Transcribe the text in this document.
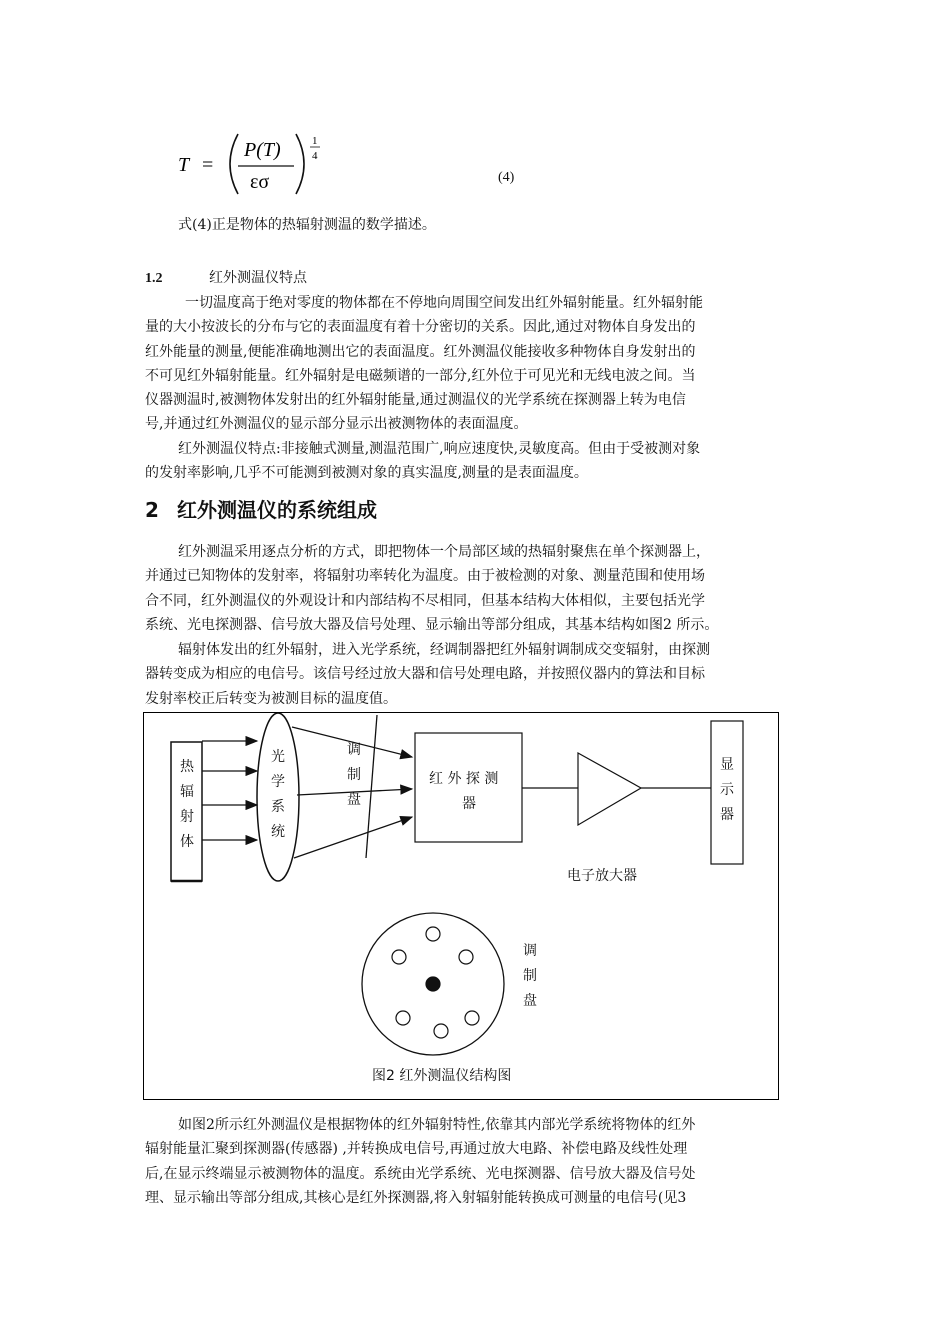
T =
P(T)
εσ
1
4
(4)

式(4)正是物体的热辐射测温的数学描述。

1.2	红外测温仪特点

一切温度高于绝对零度的物体都在不停地向周围空间发出红外辐射能量。红外辐射能
量的大小按波长的分布与它的表面温度有着十分密切的关系。因此,通过对物体自身发出的
红外能量的测量,便能准确地测出它的表面温度。红外测温仪能接收多种物体自身发射出的
不可见红外辐射能量。红外辐射是电磁频谱的一部分,红外位于可见光和无线电波之间。当
仪器测温时,被测物体发射出的红外辐射能量,通过测温仪的光学系统在探测器上转为电信
号,并通过红外测温仪的显示部分显示出被测物体的表面温度。

红外测温仪特点:非接触式测量,测温范围广,响应速度快,灵敏度高。但由于受被测对象
的发射率影响,几乎不可能测到被测对象的真实温度,测量的是表面温度。

2 红外测温仪的系统组成

红外测温采用逐点分析的方式，即把物体一个局部区域的热辐射聚焦在单个探测器上，
并通过已知物体的发射率，将辐射功率转化为温度。由于被检测的对象、测量范围和使用场
合不同，红外测温仪的外观设计和内部结构不尽相同，但基本结构大体相似，主要包括光学
系统、光电探测器、信号放大器及信号处理、显示输出等部分组成，其基本结构如图2 所示。

辐射体发出的红外辐射，进入光学系统，经调制器把红外辐射调制成交变辐射，由探测
器转变成为相应的电信号。该信号经过放大器和信号处理电路，并按照仪器内的算法和目标
发射率校正后转变为被测目标的温度值。

热
辐
射
体
光
学
系
统
调
制
盘
红 外 探 测
器
电子放大器
显
示
器
调
制
盘
图2 红外测温仪结构图

如图2所示红外测温仪是根据物体的红外辐射特性,依靠其内部光学系统将物体的红外
辐射能量汇聚到探测器(传感器) ,并转换成电信号,再通过放大电路、补偿电路及线性处理
后,在显示终端显示被测物体的温度。系统由光学系统、光电探测器、信号放大器及信号处
理、显示输出等部分组成,其核心是红外探测器,将入射辐射能转换成可测量的电信号(见3
